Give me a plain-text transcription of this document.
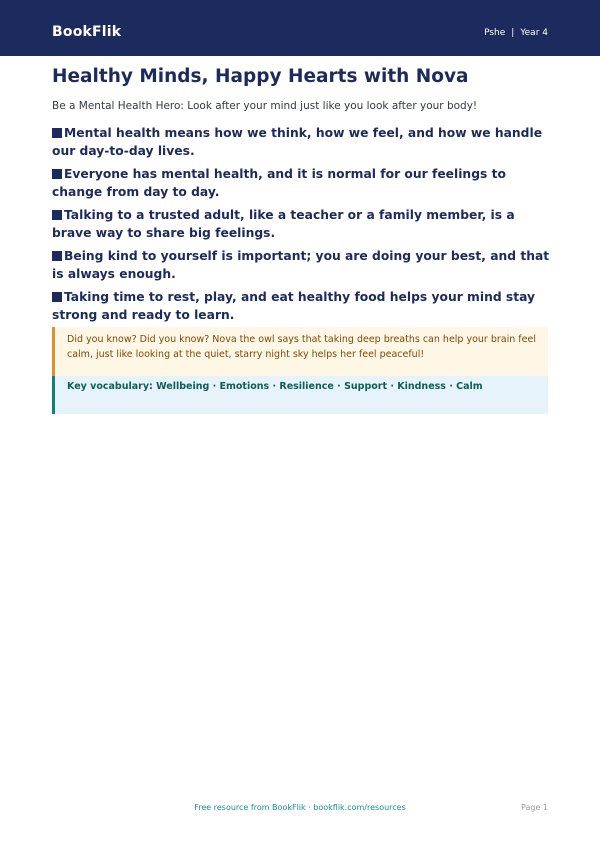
BookFlik	Pshe | Year 4
Healthy Minds, Happy Hearts with Nova

Be a Mental Health Hero: Look after your mind just like you look after your body!

Mental health means how we think, how we feel, and how we handle our day-to-day lives.
Everyone has mental health, and it is normal for our feelings to change from day to day.
Talking to a trusted adult, like a teacher or a family member, is a brave way to share big feelings.
Being kind to yourself is important; you are doing your best, and that is always enough.
Taking time to rest, play, and eat healthy food helps your mind stay strong and ready to learn.
Did you know? Did you know? Nova the owl says that taking deep breaths can help your brain feel calm, just like looking at the quiet, starry night sky helps her feel peaceful!
Key vocabulary: Wellbeing · Emotions · Resilience · Support · Kindness · Calm
Free resource from BookFlik · bookflik.com/resources	Page 1
